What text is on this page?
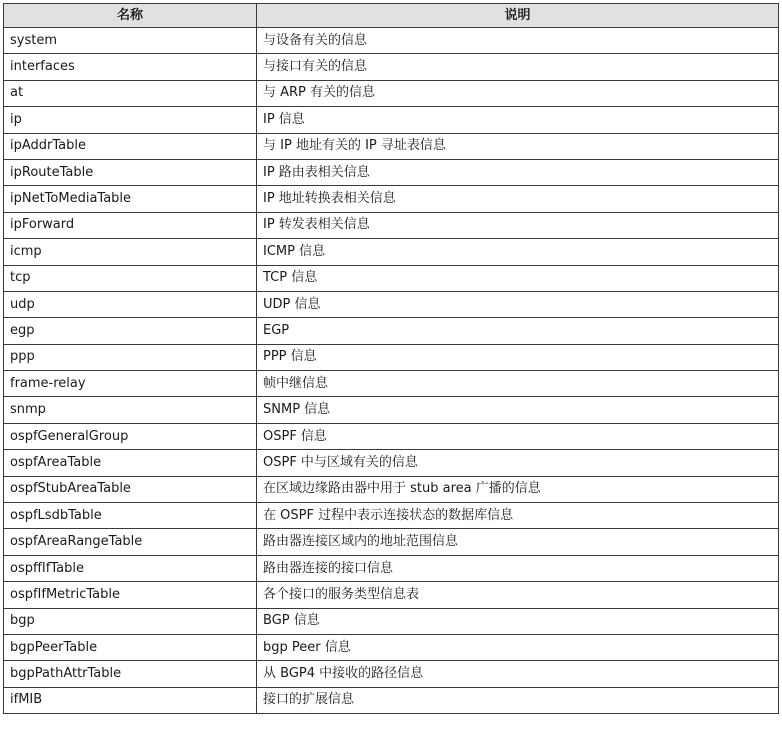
名称	说明
system	与设备有关的信息
interfaces	与接口有关的信息
at	与 ARP 有关的信息
ip	IP 信息
ipAddrTable	与 IP 地址有关的 IP 寻址表信息
ipRouteTable	IP 路由表相关信息
ipNetToMediaTable	IP 地址转换表相关信息
ipForward	IP 转发表相关信息
icmp	ICMP 信息
tcp	TCP 信息
udp	UDP 信息
egp	EGP
ppp	PPP 信息
frame-relay	帧中继信息
snmp	SNMP 信息
ospfGeneralGroup	OSPF 信息
ospfAreaTable	OSPF 中与区域有关的信息
ospfStubAreaTable	在区域边缘路由器中用于 stub area 广播的信息
ospfLsdbTable	在 OSPF 过程中表示连接状态的数据库信息
ospfAreaRangeTable	路由器连接区域内的地址范围信息
ospffIfTable	路由器连接的接口信息
ospfIfMetricTable	各个接口的服务类型信息表
bgp	BGP 信息
bgpPeerTable	bgp Peer 信息
bgpPathAttrTable	从 BGP4 中接收的路径信息
ifMIB	接口的扩展信息
